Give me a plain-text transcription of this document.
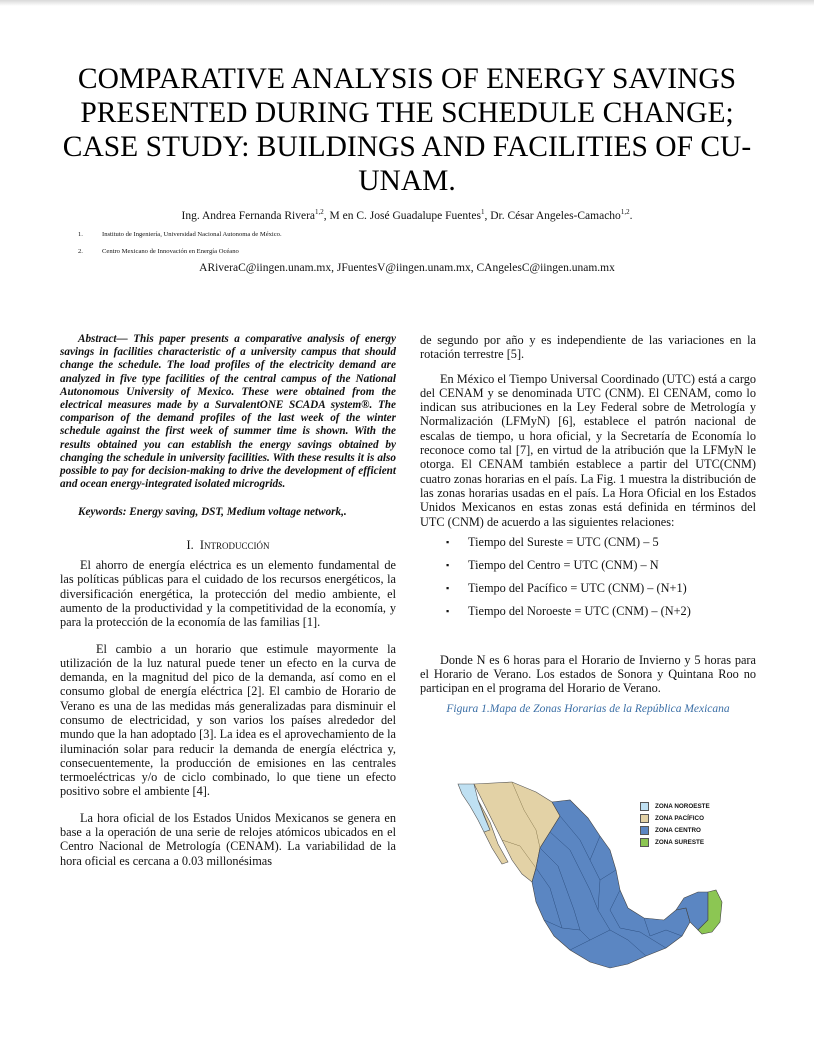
COMPARATIVE ANALYSIS OF ENERGY SAVINGS PRESENTED DURING THE SCHEDULE CHANGE; CASE STUDY: BUILDINGS AND FACILITIES OF CU-UNAM.
Ing. Andrea Fernanda Rivera$^{1,2}$, M en C. José Guadalupe Fuentes$^1$, Dr. César Angeles-Camacho$^{1,2}$.
1.	Instituto de Ingeniería, Universidad Nacional Autonoma de México.
2.	Centro Mexicano de Innovación en Energía Océano
ARiveraC@iingen.unam.mx, JFuentesV@iingen.unam.mx, CAngelesC@iingen.unam.mx

Abstract— This paper presents a comparative analysis of energy savings in facilities characteristic of a university campus that should change the schedule. The load profiles of the electricity demand are analyzed in five type facilities of the central campus of the National Autonomous University of Mexico. These were obtained from the electrical measures made by a SurvalentONE SCADA system®. The comparison of the demand profiles of the last week of the winter schedule against the first week of summer time is shown. With the results obtained you can establish the energy savings obtained by changing the schedule in university facilities. With these results it is also possible to pay for decision-making to drive the development of efficient and ocean energy-integrated isolated microgrids.

Keywords: Energy saving, DST, Medium voltage network,.

I. Introducción

El ahorro de energía eléctrica es un elemento fundamental de las políticas públicas para el cuidado de los recursos energéticos, la diversificación energética, la protección del medio ambiente, el aumento de la productividad y la competitividad de la economía, y para la protección de la economía de las familias [1].

El cambio a un horario que estimule mayormente la utilización de la luz natural puede tener un efecto en la curva de demanda, en la magnitud del pico de la demanda, así como en el consumo global de energía eléctrica [2]. El cambio de Horario de Verano es una de las medidas más generalizadas para disminuir el consumo de electricidad, y son varios los países alrededor del mundo que la han adoptado [3]. La idea es el aprovechamiento de la iluminación solar para reducir la demanda de energía eléctrica y, consecuentemente, la producción de emisiones en las centrales termoeléctricas y/o de ciclo combinado, lo que tiene un efecto positivo sobre el ambiente [4].

La hora oficial de los Estados Unidos Mexicanos se genera en base a la operación de una serie de relojes atómicos ubicados en el Centro Nacional de Metrología (CENAM). La variabilidad de la hora oficial es cercana a 0.03 millonésimas

de segundo por año y es independiente de las variaciones en la rotación terrestre [5].

En México el Tiempo Universal Coordinado (UTC) está a cargo del CENAM y se denominada UTC (CNM). El CENAM, como lo indican sus atribuciones en la Ley Federal sobre de Metrología y Normalización (LFMyN) [6], establece el patrón nacional de escalas de tiempo, u hora oficial, y la Secretaría de Economía lo reconoce como tal [7], en virtud de la atribución que la LFMyN le otorga. El CENAM también establece a partir del UTC(CNM) cuatro zonas horarias en el país. La Fig. 1 muestra la distribución de las zonas horarias usadas en el país. La Hora Oficial en los Estados Unidos Mexicanos en estas zonas está definida en términos del UTC (CNM) de acuerdo a las siguientes relaciones:

▪ Tiempo del Sureste = UTC (CNM) – 5
▪ Tiempo del Centro = UTC (CNM) – N
▪ Tiempo del Pacífico = UTC (CNM) – (N+1)
▪ Tiempo del Noroeste = UTC (CNM) – (N+2)

Donde N es 6 horas para el Horario de Invierno y 5 horas para el Horario de Verano. Los estados de Sonora y Quintana Roo no participan en el programa del Horario de Verano.

Figura 1.Mapa de Zonas Horarias de la República Mexicana
ZONA NOROESTE
ZONA PACÍFICO
ZONA CENTRO
ZONA SURESTE
